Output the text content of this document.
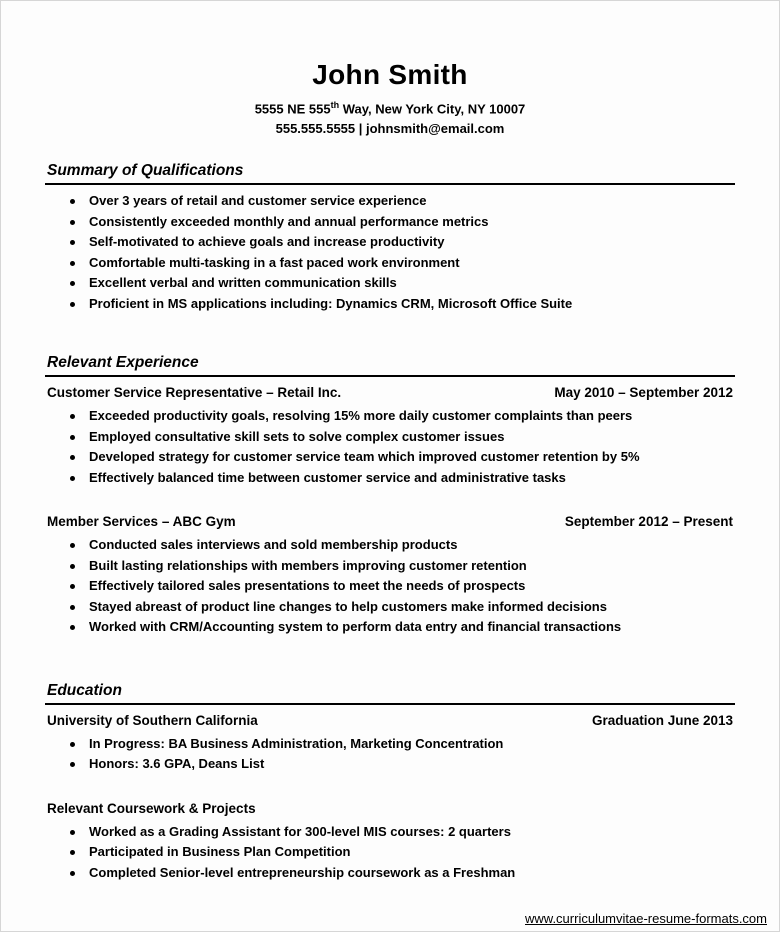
John Smith
5555 NE 555th Way, New York City, NY 10007
555.555.5555 | johnsmith@email.com
Summary of Qualifications
Over 3 years of retail and customer service experience
Consistently exceeded monthly and annual performance metrics
Self-motivated to achieve goals and increase productivity
Comfortable multi-tasking in a fast paced work environment
Excellent verbal and written communication skills
Proficient in MS applications including: Dynamics CRM, Microsoft Office Suite
Relevant Experience
Customer Service Representative – Retail Inc.	May 2010 – September 2012
Exceeded productivity goals, resolving 15% more daily customer complaints than peers
Employed consultative skill sets to solve complex customer issues
Developed strategy for customer service team which improved customer retention by 5%
Effectively balanced time between customer service and administrative tasks
Member Services – ABC Gym	September 2012 – Present
Conducted sales interviews and sold membership products
Built lasting relationships with members improving customer retention
Effectively tailored sales presentations to meet the needs of prospects
Stayed abreast of product line changes to help customers make informed decisions
Worked with CRM/Accounting system to perform data entry and financial transactions
Education
University of Southern California	Graduation June 2013
In Progress: BA Business Administration, Marketing Concentration
Honors: 3.6 GPA, Deans List
Relevant Coursework & Projects
Worked as a Grading Assistant for 300-level MIS courses: 2 quarters
Participated in Business Plan Competition
Completed Senior-level entrepreneurship coursework as a Freshman
www.curriculumvitae-resume-formats.com
